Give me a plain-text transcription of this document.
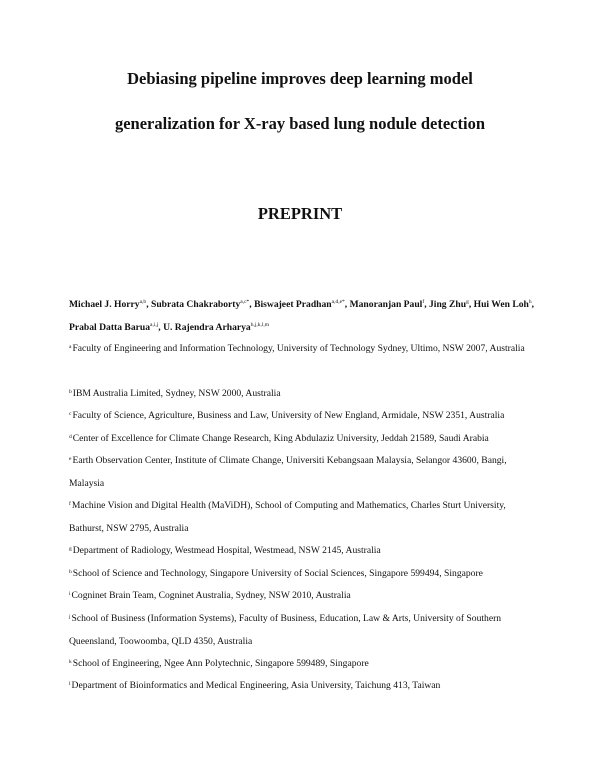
Debiasing pipeline improves deep learning model
generalization for X-ray based lung nodule detection
PREPRINT
Michael J. Horry$^{a,b}$, Subrata Chakraborty$^{a,c*}$, Biswajeet Pradhan$^{a,d,e*}$, Manoranjan Paul$^f$, Jing Zhu$^g$, Hui Wen Loh$^h$, Prabal Datta Barua$^{a,i,j}$, U. Rajendra Arharya$^{h,j,k,l,m}$
$^a$Faculty of Engineering and Information Technology, University of Technology Sydney, Ultimo, NSW 2007, Australia
$^b$IBM Australia Limited, Sydney, NSW 2000, Australia
$^c$Faculty of Science, Agriculture, Business and Law, University of New England, Armidale, NSW 2351, Australia
$^d$Center of Excellence for Climate Change Research, King Abdulaziz University, Jeddah 21589, Saudi Arabia
$^e$Earth Observation Center, Institute of Climate Change, Universiti Kebangsaan Malaysia, Selangor 43600, Bangi, Malaysia
$^f$Machine Vision and Digital Health (MaViDH), School of Computing and Mathematics, Charles Sturt University, Bathurst, NSW 2795, Australia
$^g$Department of Radiology, Westmead Hospital, Westmead, NSW 2145, Australia
$^h$School of Science and Technology, Singapore University of Social Sciences, Singapore 599494, Singapore
$^i$Cogninet Brain Team, Cogninet Australia, Sydney, NSW 2010, Australia
$^j$School of Business (Information Systems), Faculty of Business, Education, Law & Arts, University of Southern Queensland, Toowoomba, QLD 4350, Australia
$^k$School of Engineering, Ngee Ann Polytechnic, Singapore 599489, Singapore
$^l$Department of Bioinformatics and Medical Engineering, Asia University, Taichung 413, Taiwan
